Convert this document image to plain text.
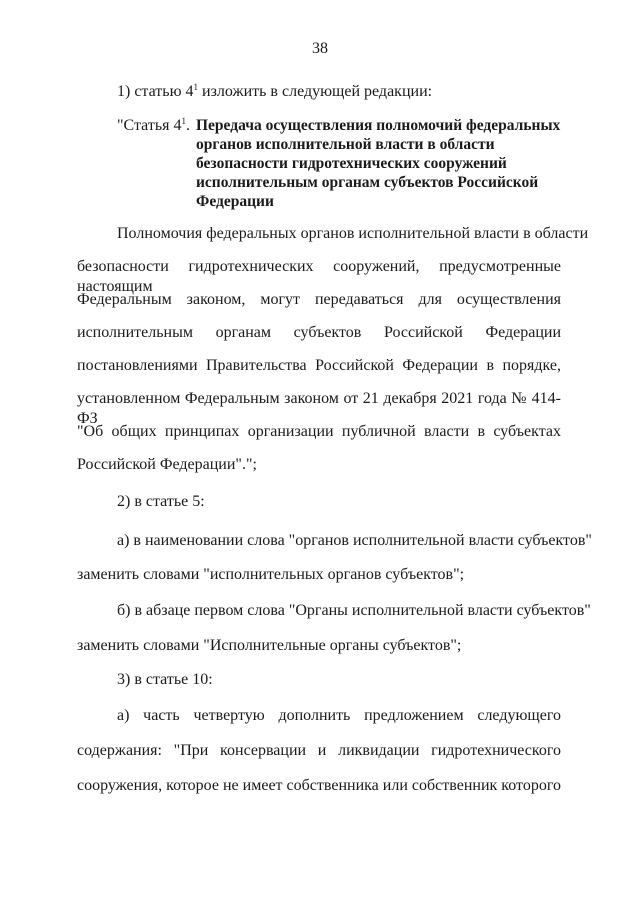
38
1) статью $4^1$ изложить в следующей редакции:
"Статья $4^1$. Передача осуществления полномочий федеральных
органов исполнительной власти в области
безопасности гидротехнических сооружений
исполнительным органам субъектов Российской
Федерации
Полномочия федеральных органов исполнительной власти в области
безопасности гидротехнических сооружений, предусмотренные настоящим
Федеральным законом, могут передаваться для осуществления
исполнительным органам субъектов Российской Федерации
постановлениями Правительства Российской Федерации в порядке,
установленном Федеральным законом от 21 декабря 2021 года № 414-ФЗ
"Об общих принципах организации публичной власти в субъектах
Российской Федерации".";
2) в статье 5:
а) в наименовании слова "органов исполнительной власти субъектов"
заменить словами "исполнительных органов субъектов";
б) в абзаце первом слова "Органы исполнительной власти субъектов"
заменить словами "Исполнительные органы субъектов";
3) в статье 10:
а) часть четвертую дополнить предложением следующего
содержания: "При консервации и ликвидации гидротехнического
сооружения, которое не имеет собственника или собственник которого
